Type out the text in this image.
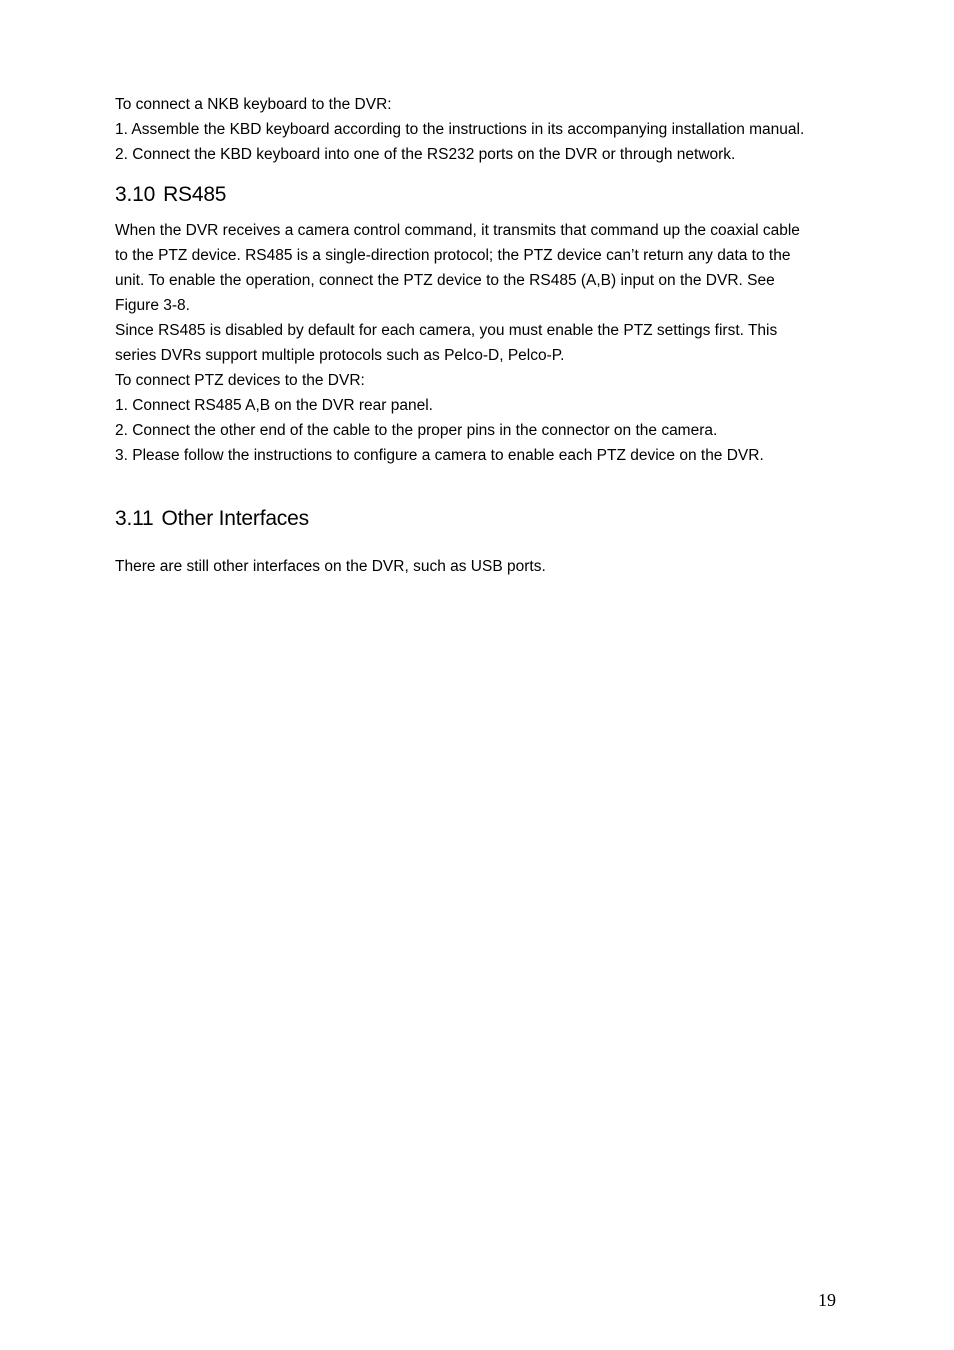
To connect a NKB keyboard to the DVR:

1. Assemble the KBD keyboard according to the instructions in its accompanying installation manual.

2. Connect the KBD keyboard into one of the RS232 ports on the DVR or through network.

3.10 RS485

When the DVR receives a camera control command, it transmits that command up the coaxial cable

to the PTZ device. RS485 is a single-direction protocol; the PTZ device can’t return any data to the

unit. To enable the operation, connect the PTZ device to the RS485 (A,B) input on the DVR. See

Figure 3-8.

Since RS485 is disabled by default for each camera, you must enable the PTZ settings first. This

series DVRs support multiple protocols such as Pelco-D, Pelco-P.

To connect PTZ devices to the DVR:

1. Connect RS485 A,B on the DVR rear panel.

2. Connect the other end of the cable to the proper pins in the connector on the camera.

3. Please follow the instructions to configure a camera to enable each PTZ device on the DVR.

3.11 Other Interfaces

There are still other interfaces on the DVR, such as USB ports.

19
